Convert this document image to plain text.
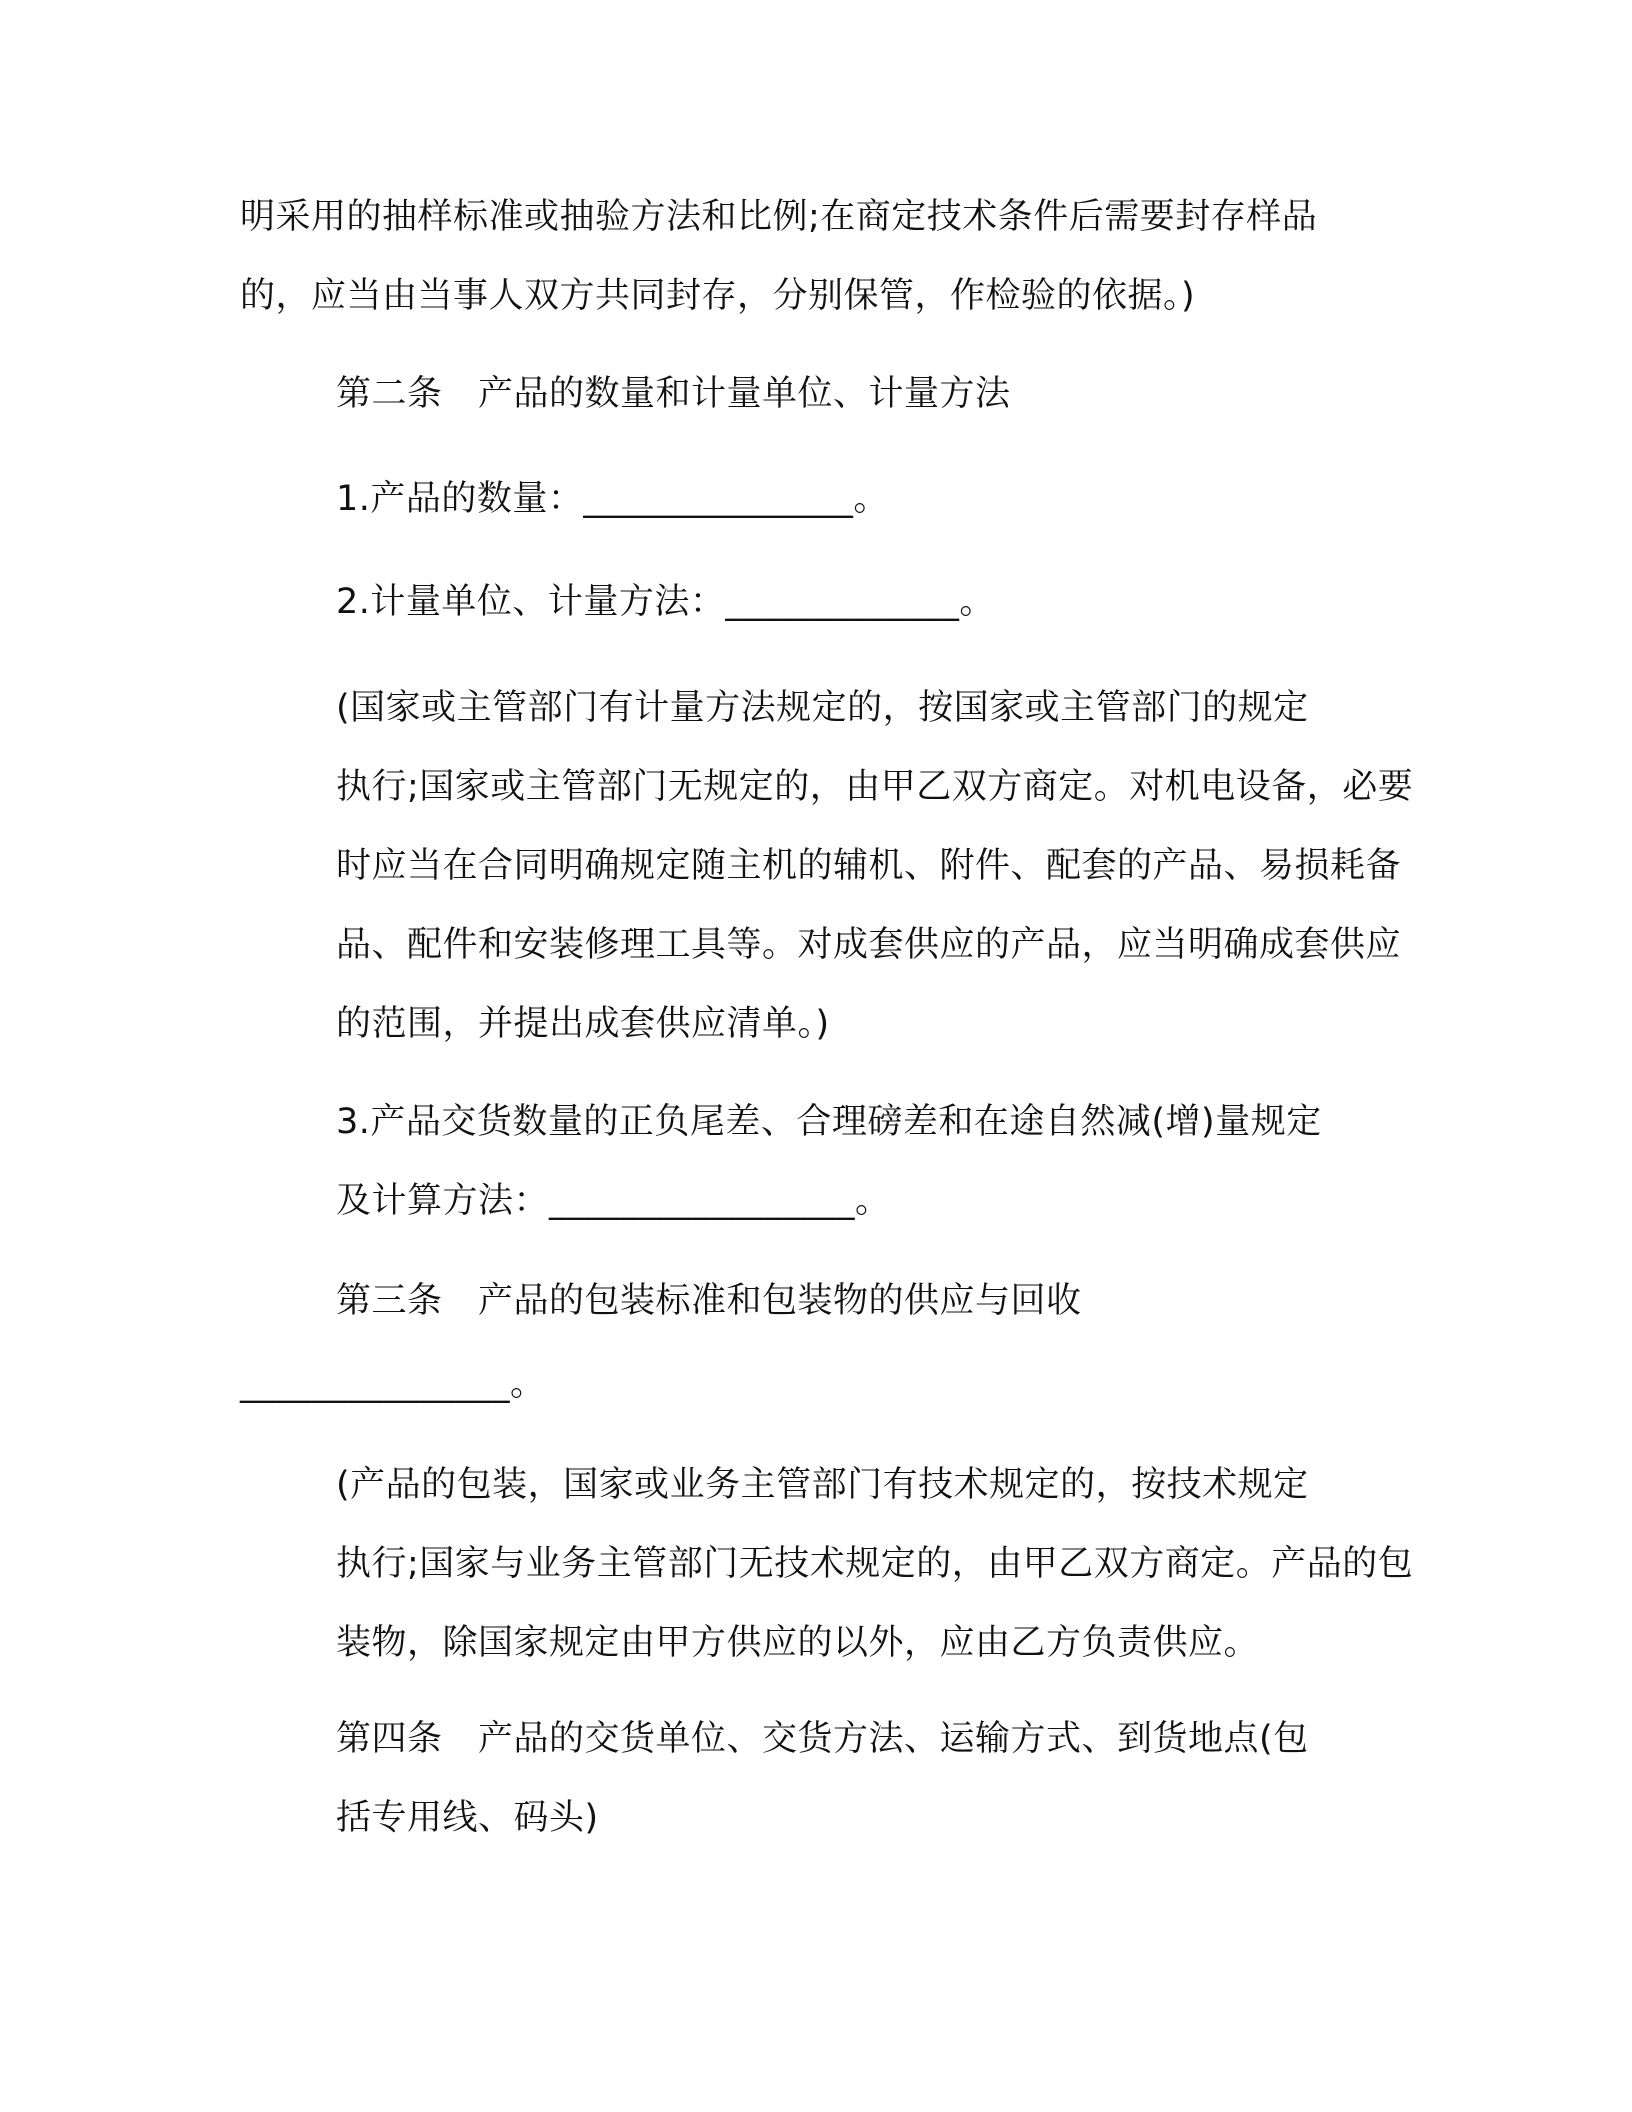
明采用的抽样标准或抽验方法和比例;在商定技术条件后需要封存样品
的，应当由当事人双方共同封存，分别保管，作检验的依据。)

第二条　产品的数量和计量单位、计量方法

1.产品的数量：_______________。

2.计量单位、计量方法：_____________。

(国家或主管部门有计量方法规定的，按国家或主管部门的规定
执行;国家或主管部门无规定的，由甲乙双方商定。对机电设备，必要
时应当在合同明确规定随主机的辅机、附件、配套的产品、易损耗备
品、配件和安装修理工具等。对成套供应的产品，应当明确成套供应
的范围，并提出成套供应清单。)

3.产品交货数量的正负尾差、合理磅差和在途自然减(增)量规定
及计算方法：_________________。

第三条　产品的包装标准和包装物的供应与回收

_______________。

(产品的包装，国家或业务主管部门有技术规定的，按技术规定
执行;国家与业务主管部门无技术规定的，由甲乙双方商定。产品的包
装物，除国家规定由甲方供应的以外，应由乙方负责供应。

第四条　产品的交货单位、交货方法、运输方式、到货地点(包
括专用线、码头)
